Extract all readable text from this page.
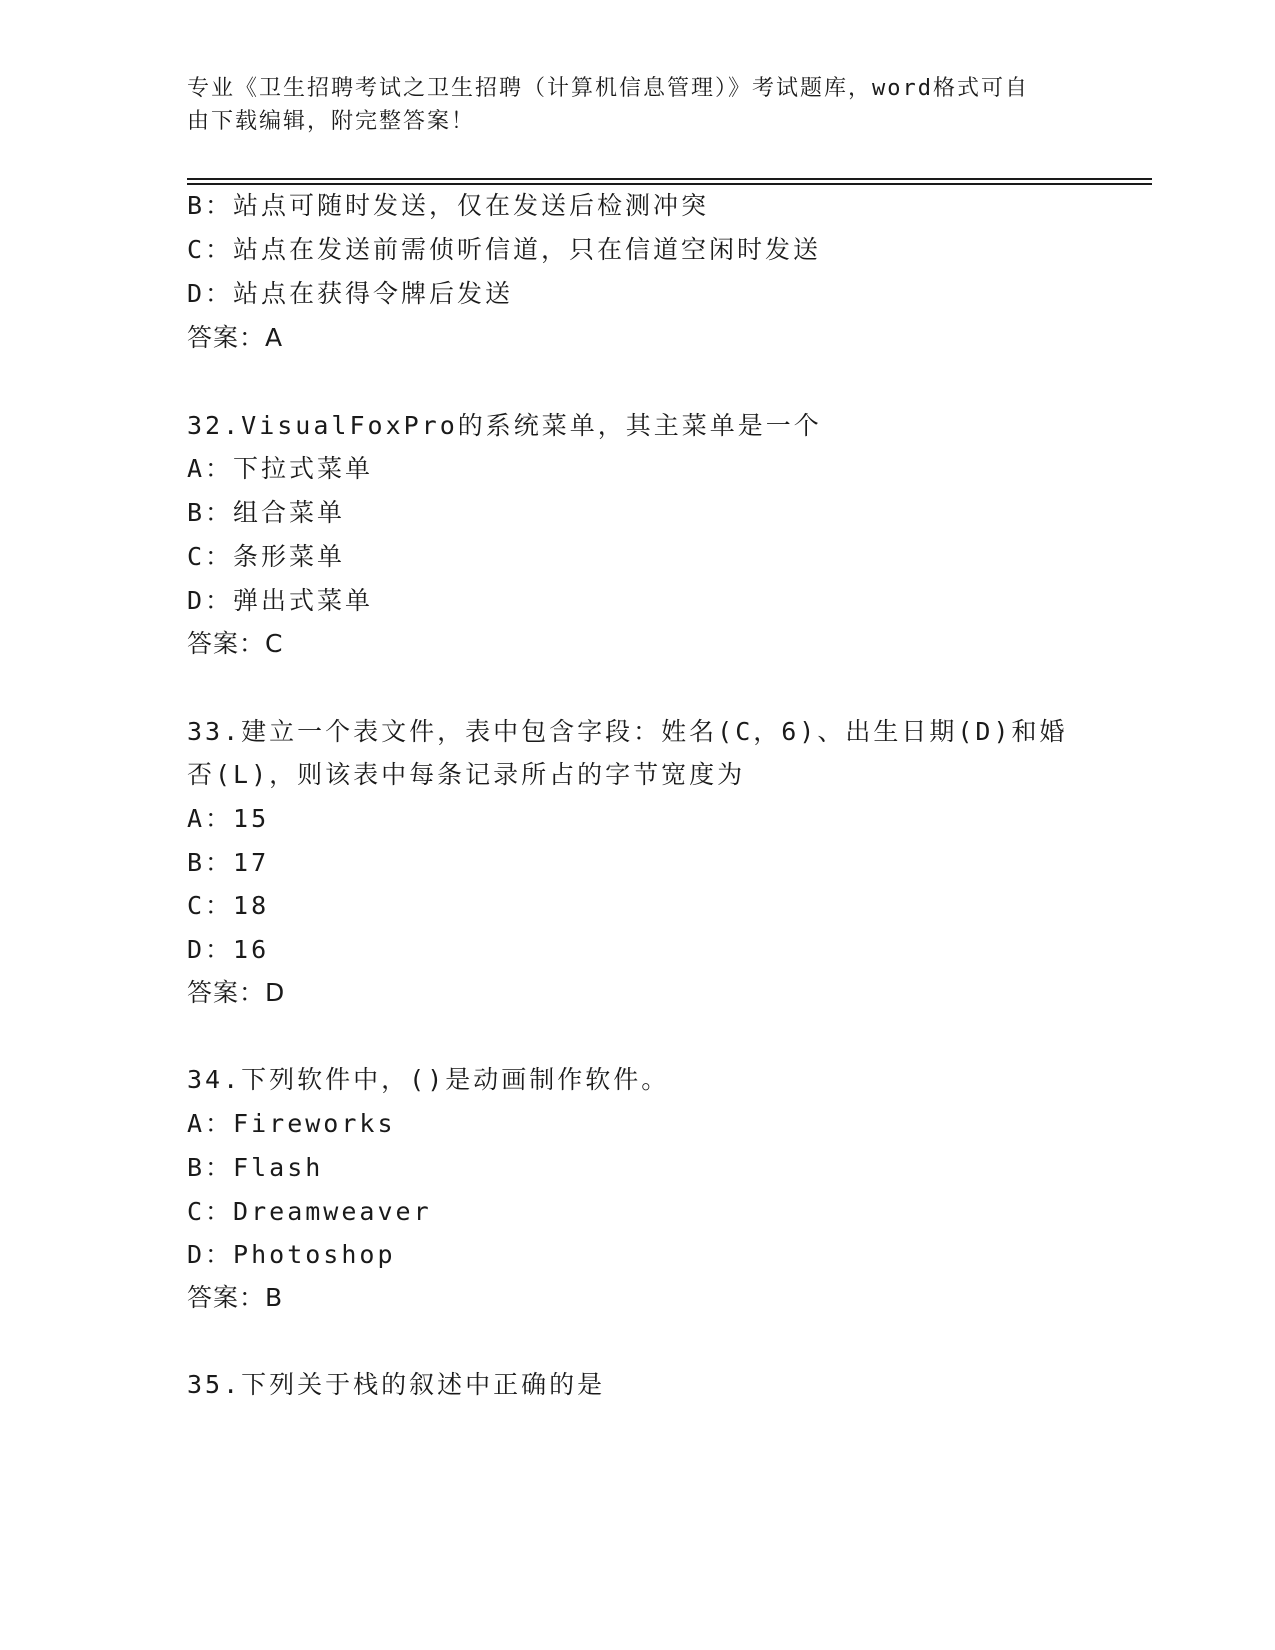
专业《卫生招聘考试之卫生招聘（计算机信息管理）》考试题库，word格式可自
由下载编辑，附完整答案！
B：站点可随时发送，仅在发送后检测冲突
C：站点在发送前需侦听信道，只在信道空闲时发送
D：站点在获得令牌后发送
答案：A
32.VisualFoxPro的系统菜单，其主菜单是一个
A：下拉式菜单
B：组合菜单
C：条形菜单
D：弹出式菜单
答案：C
33.建立一个表文件，表中包含字段：姓名(C，6)、出生日期(D)和婚
否(L)，则该表中每条记录所占的字节宽度为
A：15
B：17
C：18
D：16
答案：D
34.下列软件中，()是动画制作软件。
A：Fireworks
B：Flash
C：Dreamweaver
D：Photoshop
答案：B
35.下列关于栈的叙述中正确的是
